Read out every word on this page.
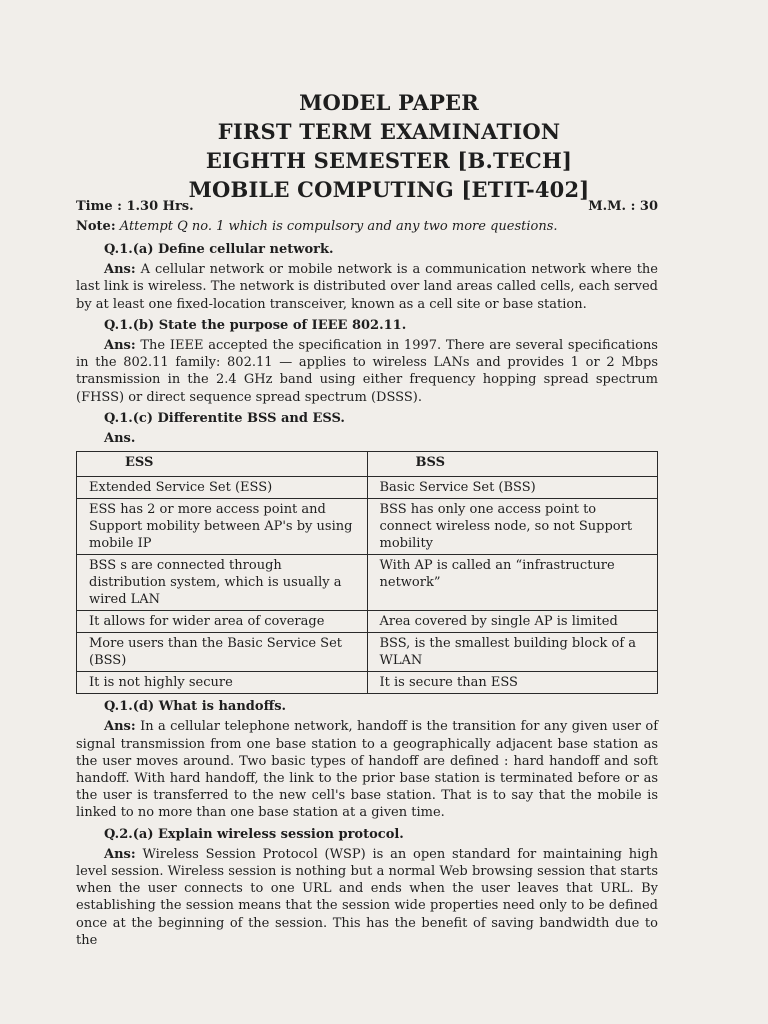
MODEL PAPER
FIRST TERM EXAMINATION
EIGHTH SEMESTER [B.TECH]
MOBILE COMPUTING [ETIT-402]
Time : 1.30 Hrs.	M.M. : 30
Note: Attempt Q no. 1 which is compulsory and any two more questions.
Q.1.(a) Define cellular network.

Ans: A cellular network or mobile network is a communication network where the last link is wireless. The network is distributed over land areas called cells, each served by at least one fixed-location transceiver, known as a cell site or base station.

Q.1.(b) State the purpose of IEEE 802.11.

Ans: The IEEE accepted the specification in 1997. There are several specifications in the 802.11 family: 802.11 — applies to wireless LANs and provides 1 or 2 Mbps transmission in the 2.4 GHz band using either frequency hopping spread spectrum (FHSS) or direct sequence spread spectrum (DSSS).

Q.1.(c) Differentite BSS and ESS.
Ans.
ESS	BSS
Extended Service Set (ESS)	Basic Service Set (BSS)
ESS has 2 or more access point and Support mobility between AP's by using mobile IP	BSS has only one access point to connect wireless node, so not Support mobility
BSS s are connected through distribution system, which is usually a wired LAN	With AP is called an “infrastructure network”
It allows for wider area of coverage	Area covered by single AP is limited
More users than the Basic Service Set (BSS)	BSS, is the smallest building block of a WLAN
It is not highly secure	It is secure than ESS
Q.1.(d) What is handoffs.

Ans: In a cellular telephone network, handoff is the transition for any given user of signal transmission from one base station to a geographically adjacent base station as the user moves around. Two basic types of handoff are defined : hard handoff and soft handoff. With hard handoff, the link to the prior base station is terminated before or as the user is transferred to the new cell's base station. That is to say that the mobile is linked to no more than one base station at a given time.

Q.2.(a) Explain wireless session protocol.

Ans: Wireless Session Protocol (WSP) is an open standard for maintaining high level session. Wireless session is nothing but a normal Web browsing session that starts when the user connects to one URL and ends when the user leaves that URL. By establishing the session means that the session wide properties need only to be defined once at the beginning of the session. This has the benefit of saving bandwidth due to the
